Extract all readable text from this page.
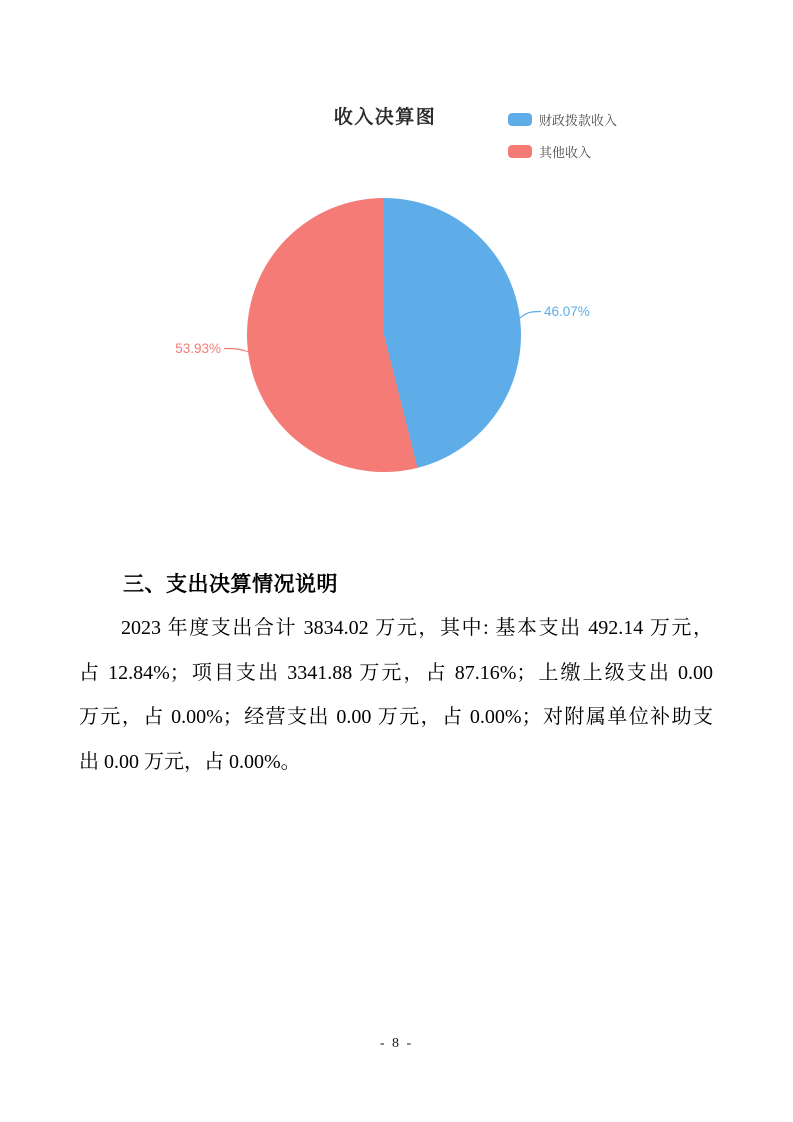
收入决算图	财政拨款收入
其他收入
46.07%
53.93%
三、支出决算情况说明
2023 年度支出合计 3834.02 万元，其中: 基本支出 492.14 万元，
占 12.84%；项目支出 3341.88 万元，占 87.16%；上缴上级支出 0.00
万元，占 0.00%；经营支出 0.00 万元，占 0.00%；对附属单位补助支
出 0.00 万元，占 0.00%。
- 8 -
